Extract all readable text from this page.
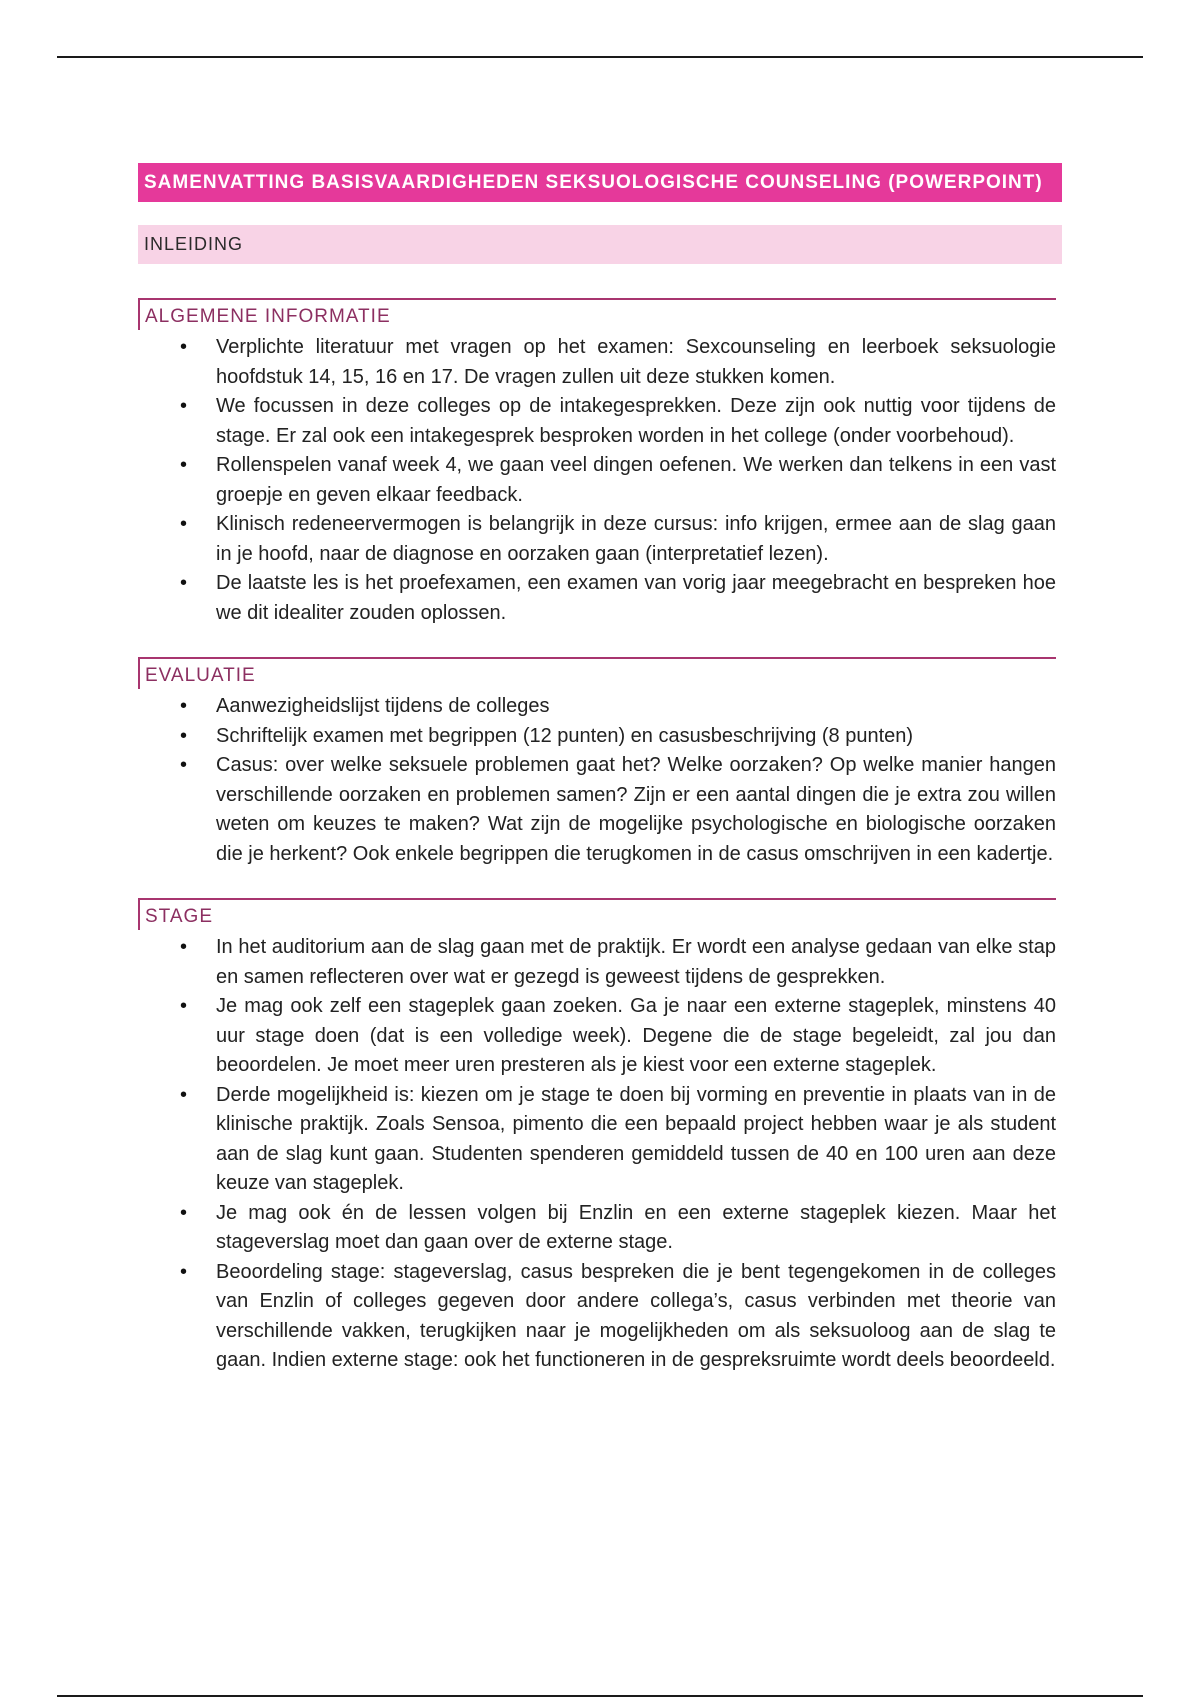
SAMENVATTING BASISVAARDIGHEDEN SEKSUOLOGISCHE COUNSELING (POWERPOINT)
INLEIDING
ALGEMENE INFORMATIE
• Verplichte literatuur met vragen op het examen: Sexcounseling en leerboek seksuologie hoofdstuk 14, 15, 16 en 17. De vragen zullen uit deze stukken komen.
• We focussen in deze colleges op de intakegesprekken. Deze zijn ook nuttig voor tijdens de stage. Er zal ook een intakegesprek besproken worden in het college (onder voorbehoud).
• Rollenspelen vanaf week 4, we gaan veel dingen oefenen. We werken dan telkens in een vast groepje en geven elkaar feedback.
• Klinisch redeneervermogen is belangrijk in deze cursus: info krijgen, ermee aan de slag gaan in je hoofd, naar de diagnose en oorzaken gaan (interpretatief lezen).
• De laatste les is het proefexamen, een examen van vorig jaar meegebracht en bespreken hoe we dit idealiter zouden oplossen.
EVALUATIE
• Aanwezigheidslijst tijdens de colleges
• Schriftelijk examen met begrippen (12 punten) en casusbeschrijving (8 punten)
• Casus: over welke seksuele problemen gaat het? Welke oorzaken? Op welke manier hangen verschillende oorzaken en problemen samen? Zijn er een aantal dingen die je extra zou willen weten om keuzes te maken? Wat zijn de mogelijke psychologische en biologische oorzaken die je herkent? Ook enkele begrippen die terugkomen in de casus omschrijven in een kadertje.
STAGE
• In het auditorium aan de slag gaan met de praktijk. Er wordt een analyse gedaan van elke stap en samen reflecteren over wat er gezegd is geweest tijdens de gesprekken.
• Je mag ook zelf een stageplek gaan zoeken. Ga je naar een externe stageplek, minstens 40 uur stage doen (dat is een volledige week). Degene die de stage begeleidt, zal jou dan beoordelen. Je moet meer uren presteren als je kiest voor een externe stageplek.
• Derde mogelijkheid is: kiezen om je stage te doen bij vorming en preventie in plaats van in de klinische praktijk. Zoals Sensoa, pimento die een bepaald project hebben waar je als student aan de slag kunt gaan. Studenten spenderen gemiddeld tussen de 40 en 100 uren aan deze keuze van stageplek.
• Je mag ook én de lessen volgen bij Enzlin en een externe stageplek kiezen. Maar het stageverslag moet dan gaan over de externe stage.
• Beoordeling stage: stageverslag, casus bespreken die je bent tegengekomen in de colleges van Enzlin of colleges gegeven door andere collega’s, casus verbinden met theorie van verschillende vakken, terugkijken naar je mogelijkheden om als seksuoloog aan de slag te gaan. Indien externe stage: ook het functioneren in de gespreksruimte wordt deels beoordeeld.
